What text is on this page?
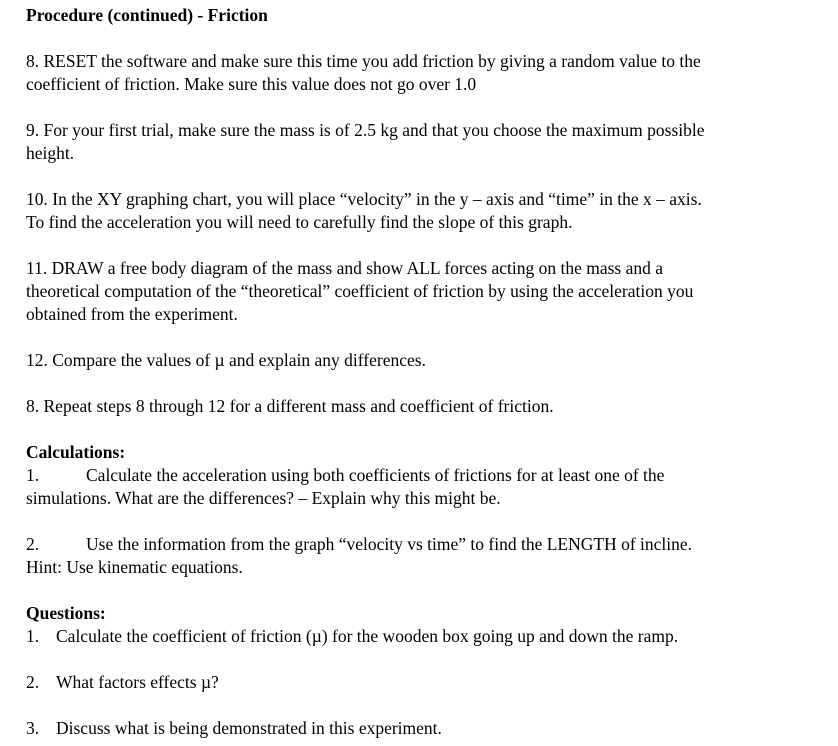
Procedure (continued) - Friction

8. RESET the software and make sure this time you add friction by giving a random value to the

coefficient of friction. Make sure this value does not go over 1.0

9. For your first trial, make sure the mass is of 2.5 kg and that you choose the maximum possible

height.

10. In the XY graphing chart, you will place “velocity” in the y – axis and “time” in the x – axis.

To find the acceleration you will need to carefully find the slope of this graph.

11. DRAW a free body diagram of the mass and show ALL forces acting on the mass and a

theoretical computation of the “theoretical” coefficient of friction by using the acceleration you

obtained from the experiment.

12. Compare the values of µ and explain any differences.

8. Repeat steps 8 through 12 for a different mass and coefficient of friction.

Calculations:

1.	Calculate the acceleration using both coefficients of frictions for at least one of the

simulations. What are the differences? – Explain why this might be.

2.	Use the information from the graph “velocity vs time” to find the LENGTH of incline.

Hint: Use kinematic equations.

Questions:

1. Calculate the coefficient of friction (µ) for the wooden box going up and down the ramp.

2. What factors effects µ?

3. Discuss what is being demonstrated in this experiment.
